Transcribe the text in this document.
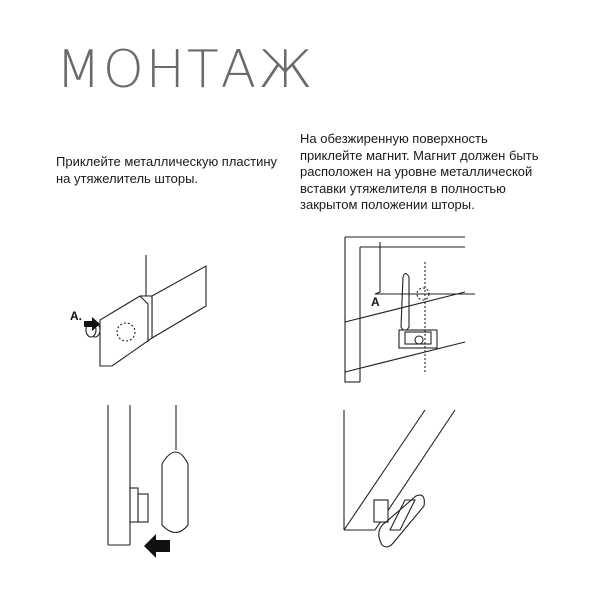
МОНТАЖ
Приклейте металлическую пластину на утяжелитель шторы.
На обезжиренную поверхность приклейте магнит. Магнит должен быть расположен на уровне металлической вставки утяжелителя в полностью закрытом положении шторы.
A.
A
